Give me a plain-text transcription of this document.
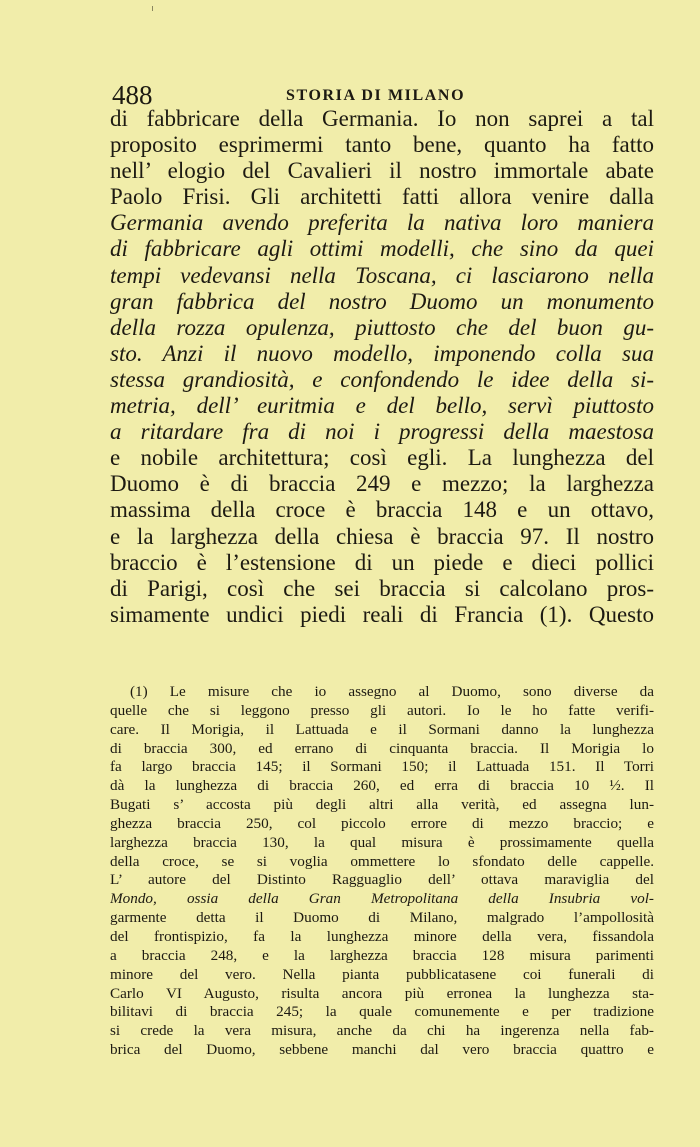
488	STORIA DI MILANO
di fabbricare della Germania. Io non saprei a tal
proposito esprimermi tanto bene, quanto ha fatto
nell’ elogio del Cavalieri il nostro immortale abate
Paolo Frisi. Gli architetti fatti allora venire dalla
Germania avendo preferita la nativa loro maniera
di fabbricare agli ottimi modelli, che sino da quei
tempi vedevansi nella Toscana, ci lasciarono nella
gran fabbrica del nostro Duomo un monumento
della rozza opulenza, piuttosto che del buon gu-
sto. Anzi il nuovo modello, imponendo colla sua
stessa grandiosità, e confondendo le idee della si-
metria, dell’ euritmia e del bello, servì piuttosto
a ritardare fra di noi i progressi della maestosa
e nobile architettura; così egli. La lunghezza del
Duomo è di braccia 249 e mezzo; la larghezza
massima della croce è braccia 148 e un ottavo,
e la larghezza della chiesa è braccia 97. Il nostro
braccio è l’estensione di un piede e dieci pollici
di Parigi, così che sei braccia si calcolano pros-
simamente undici piedi reali di Francia (1). Questo
(1) Le misure che io assegno al Duomo, sono diverse da
quelle che si leggono presso gli autori. Io le ho fatte verifi-
care. Il Morigia, il Lattuada e il Sormani danno la lunghezza
di braccia 300, ed errano di cinquanta braccia. Il Morigia lo
fa largo braccia 145; il Sormani 150; il Lattuada 151. Il Torri
dà la lunghezza di braccia 260, ed erra di braccia 10 ½. Il
Bugati s’ accosta più degli altri alla verità, ed assegna lun-
ghezza braccia 250, col piccolo errore di mezzo braccio; e
larghezza braccia 130, la qual misura è prossimamente quella
della croce, se si voglia ommettere lo sfondato delle cappelle.
L’ autore del Distinto Ragguaglio dell’ ottava maraviglia del
Mondo, ossia della Gran Metropolitana della Insubria vol-
garmente detta il Duomo di Milano, malgrado l’ampollosità
del frontispizio, fa la lunghezza minore della vera, fissandola
a braccia 248, e la larghezza braccia 128 misura parimenti
minore del vero. Nella pianta pubblicatasene coi funerali di
Carlo VI Augusto, risulta ancora più erronea la lunghezza sta-
bilitavi di braccia 245; la quale comunemente e per tradizione
si crede la vera misura, anche da chi ha ingerenza nella fab-
brica del Duomo, sebbene manchi dal vero braccia quattro e
